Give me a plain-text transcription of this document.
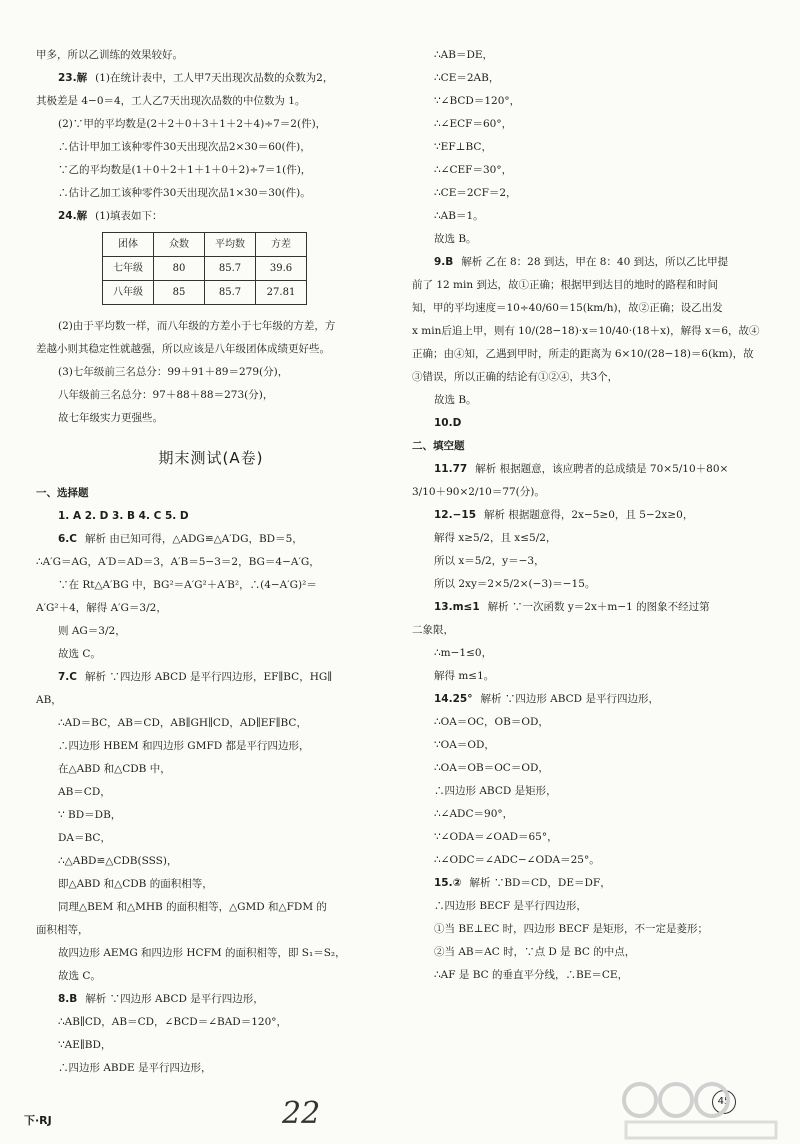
甲多，所以乙训练的效果较好。

23.解 (1)在统计表中，工人甲7天出现次品数的众数为2，

其极差是 4−0＝4，工人乙7天出现次品数的中位数为 1。

(2)∵甲的平均数是(2＋2＋0＋3＋1＋2＋4)÷7＝2(件)，

∴估计甲加工该种零件30天出现次品2×30＝60(件)，

∵乙的平均数是(1＋0＋2＋1＋1＋0＋2)÷7＝1(件)，

∴估计乙加工该种零件30天出现次品1×30＝30(件)。

24.解 (1)填表如下：

团体	众数	平均数	方差
七年级	80	85.7	39.6
八年级	85	85.7	27.81

(2)由于平均数一样，而八年级的方差小于七年级的方差，方

差越小则其稳定性就越强，所以应该是八年级团体成绩更好些。

(3)七年级前三名总分：99＋91＋89＝279(分)，

八年级前三名总分：97＋88＋88＝273(分)，

故七年级实力更强些。

期末测试(A卷)

一、选择题

1. A 2. D 3. B 4. C 5. D

6.C 解析 由已知可得，△ADG≌△A′DG，BD＝5，

∴A′G＝AG，A′D＝AD＝3，A′B＝5−3＝2，BG＝4−A′G，

∵在 Rt△A′BG 中，BG²＝A′G²＋A′B²，∴(4−A′G)²＝

A′G²＋4，解得 A′G＝3/2，

则 AG＝3/2，

故选 C。

7.C 解析 ∵四边形 ABCD 是平行四边形，EF∥BC，HG∥

AB，

∴AD＝BC，AB＝CD，AB∥GH∥CD，AD∥EF∥BC，

∴四边形 HBEM 和四边形 GMFD 都是平行四边形，

在△ABD 和△CDB 中，

AB＝CD，

∵ BD＝DB，

DA＝BC，

∴△ABD≌△CDB(SSS)，

即△ABD 和△CDB 的面积相等，

同理△BEM 和△MHB 的面积相等，△GMD 和△FDM 的

面积相等，

故四边形 AEMG 和四边形 HCFM 的面积相等，即 S₁＝S₂，

故选 C。

8.B 解析 ∵四边形 ABCD 是平行四边形，

∴AB∥CD，AB＝CD，∠BCD＝∠BAD＝120°，

∵AE∥BD，

∴四边形 ABDE 是平行四边形，

∴AB＝DE，

∴CE＝2AB，

∵∠BCD＝120°，

∴∠ECF＝60°，

∵EF⊥BC，

∴∠CEF＝30°，

∴CE＝2CF＝2，

∴AB＝1。

故选 B。

9.B 解析 乙在 8：28 到达，甲在 8：40 到达，所以乙比甲提

前了 12 min 到达，故①正确；根据甲到达目的地时的路程和时间

知，甲的平均速度＝10÷40/60＝15(km/h)，故②正确；设乙出发

x min后追上甲，则有 10/(28−18)·x＝10/40·(18＋x)，解得 x＝6，故④

正确；由④知，乙遇到甲时，所走的距离为 6×10/(28−18)＝6(km)，故

③错误，所以正确的结论有①②④，共3个，

故选 B。

10.D

二、填空题

11.77 解析 根据题意，该应聘者的总成绩是 70×5/10＋80×

3/10＋90×2/10＝77(分)。

12.−15 解析 根据题意得，2x−5≥0，且 5−2x≥0，

解得 x≥5/2，且 x≤5/2，

所以 x＝5/2，y＝−3，

所以 2xy＝2×5/2×(−3)＝−15。

13.m≤1 解析 ∵一次函数 y＝2x＋m−1 的图象不经过第

二象限，

∴m−1≤0，

解得 m≤1。

14.25° 解析 ∵四边形 ABCD 是平行四边形，

∴OA＝OC，OB＝OD，

∵OA＝OD，

∴OA＝OB＝OC＝OD，

∴四边形 ABCD 是矩形，

∴∠ADC＝90°，

∵∠ODA＝∠OAD＝65°，

∴∠ODC＝∠ADC−∠ODA＝25°。

15.② 解析 ∵BD＝CD，DE＝DF，

∴四边形 BECF 是平行四边形，

①当 BE⊥EC 时，四边形 BECF 是矩形，不一定是菱形；

②当 AB＝AC 时，∵点 D 是 BC 的中点，

∴AF 是 BC 的垂直平分线，∴BE＝CE，

下·RJ	22	45
